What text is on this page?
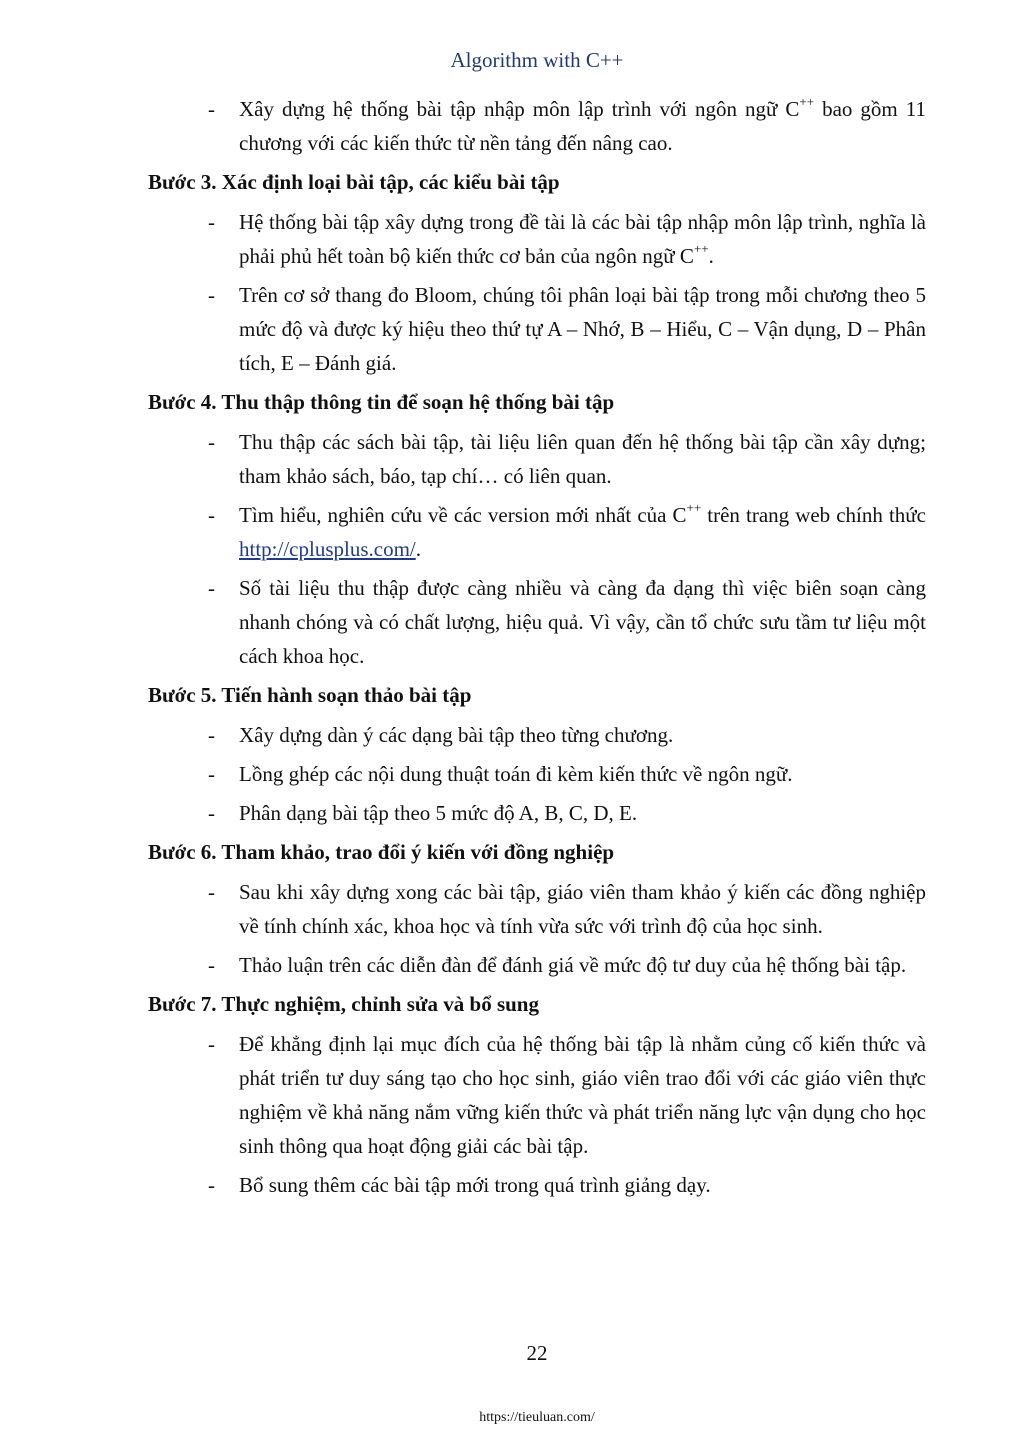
Algorithm with C++
- Xây dựng hệ thống bài tập nhập môn lập trình với ngôn ngữ C++ bao gồm 11 chương với các kiến thức từ nền tảng đến nâng cao.
Bước 3. Xác định loại bài tập, các kiểu bài tập
- Hệ thống bài tập xây dựng trong đề tài là các bài tập nhập môn lập trình, nghĩa là phải phủ hết toàn bộ kiến thức cơ bản của ngôn ngữ C++.
- Trên cơ sở thang đo Bloom, chúng tôi phân loại bài tập trong mỗi chương theo 5 mức độ và được ký hiệu theo thứ tự A – Nhớ, B – Hiểu, C – Vận dụng, D – Phân tích, E – Đánh giá.
Bước 4. Thu thập thông tin để soạn hệ thống bài tập
- Thu thập các sách bài tập, tài liệu liên quan đến hệ thống bài tập cần xây dựng; tham khảo sách, báo, tạp chí… có liên quan.
- Tìm hiểu, nghiên cứu về các version mới nhất của C++ trên trang web chính thức http://cplusplus.com/.
- Số tài liệu thu thập được càng nhiều và càng đa dạng thì việc biên soạn càng nhanh chóng và có chất lượng, hiệu quả. Vì vậy, cần tổ chức sưu tầm tư liệu một cách khoa học.
Bước 5. Tiến hành soạn thảo bài tập
- Xây dựng dàn ý các dạng bài tập theo từng chương.
- Lồng ghép các nội dung thuật toán đi kèm kiến thức về ngôn ngữ.
- Phân dạng bài tập theo 5 mức độ A, B, C, D, E.
Bước 6. Tham khảo, trao đổi ý kiến với đồng nghiệp
- Sau khi xây dựng xong các bài tập, giáo viên tham khảo ý kiến các đồng nghiệp về tính chính xác, khoa học và tính vừa sức với trình độ của học sinh.
- Thảo luận trên các diễn đàn để đánh giá về mức độ tư duy của hệ thống bài tập.
Bước 7. Thực nghiệm, chỉnh sửa và bổ sung
- Để khẳng định lại mục đích của hệ thống bài tập là nhằm củng cố kiến thức và phát triển tư duy sáng tạo cho học sinh, giáo viên trao đổi với các giáo viên thực nghiệm về khả năng nắm vững kiến thức và phát triển năng lực vận dụng cho học sinh thông qua hoạt động giải các bài tập.
- Bổ sung thêm các bài tập mới trong quá trình giảng dạy.
22
https://tieuluan.com/
